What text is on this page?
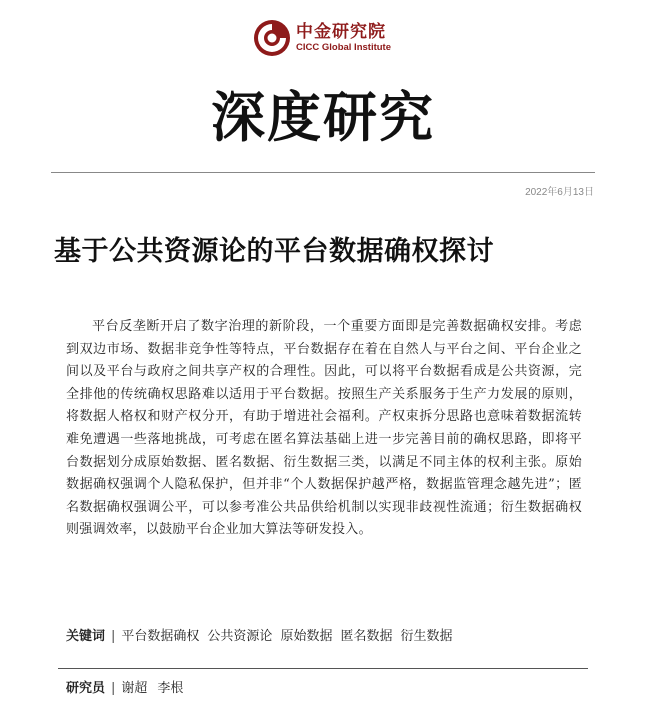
中金研究院
CICC Global Institute
深度研究
2022年6月13日
基于公共资源论的平台数据确权探讨
平台反垄断开启了数字治理的新阶段，一个重要方面即是完善数据确权安排。考虑到双边市场、数据非竞争性等特点，平台数据存在着在自然人与平台之间、平台企业之间以及平台与政府之间共享产权的合理性。因此，可以将平台数据看成是公共资源，完全排他的传统确权思路难以适用于平台数据。按照生产关系服务于生产力发展的原则，将数据人格权和财产权分开，有助于增进社会福利。产权束拆分思路也意味着数据流转难免遭遇一些落地挑战，可考虑在匿名算法基础上进一步完善目前的确权思路，即将平台数据划分成原始数据、匿名数据、衍生数据三类，以满足不同主体的权利主张。原始数据确权强调个人隐私保护，但并非“个人数据保护越严格，数据监管理念越先进”；匿名数据确权强调公平，可以参考准公共品供给机制以实现非歧视性流通；衍生数据确权则强调效率，以鼓励平台企业加大算法等研发投入。
关键词 | 平台数据确权 公共资源论 原始数据 匿名数据 衍生数据
研究员 | 谢超 李根
